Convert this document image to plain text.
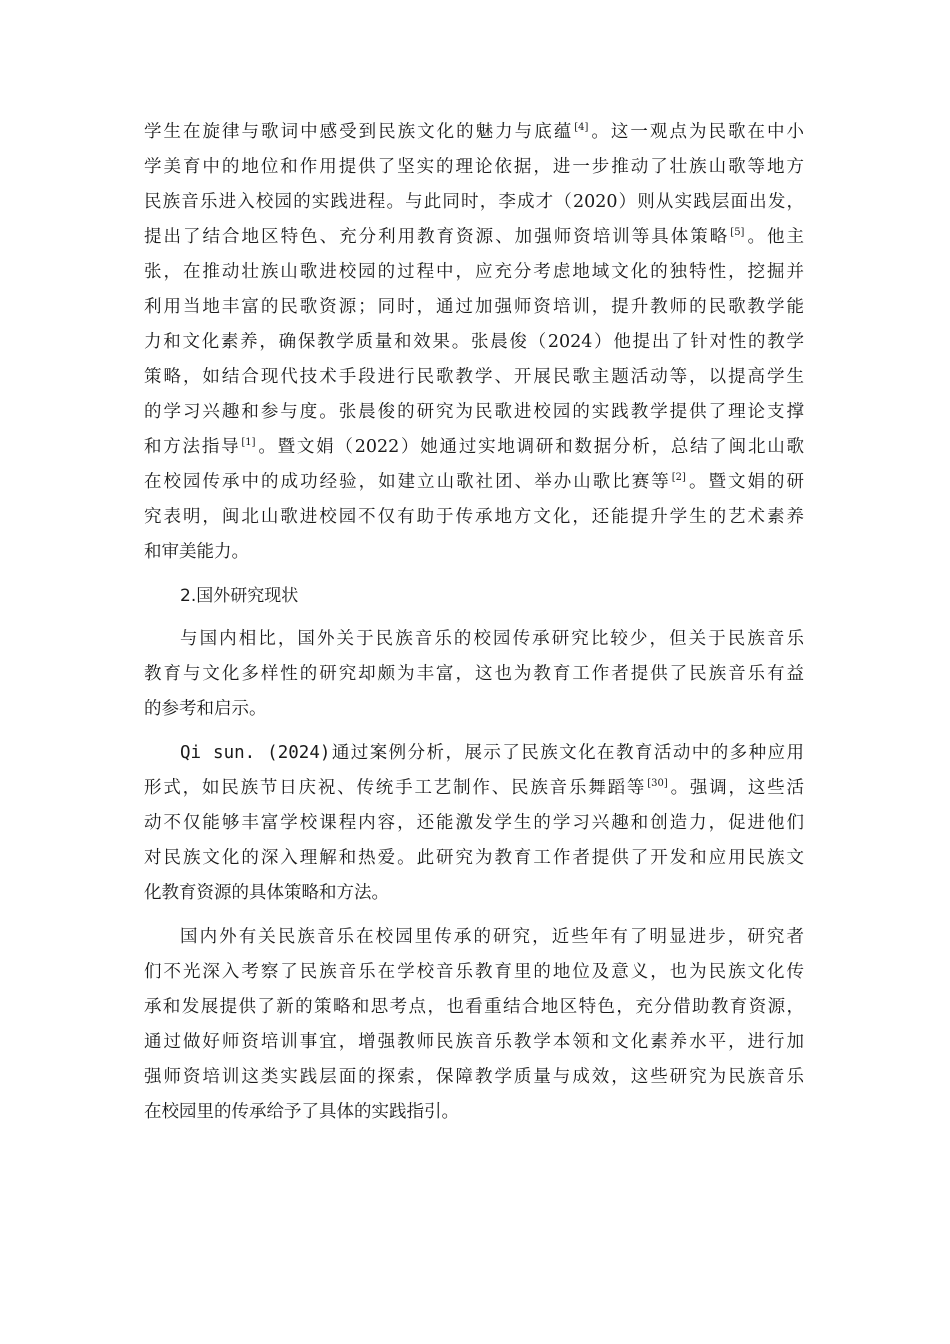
学生在旋律与歌词中感受到民族文化的魅力与底蕴[4]。这一观点为民歌在中小
学美育中的地位和作用提供了坚实的理论依据，进一步推动了壮族山歌等地方
民族音乐进入校园的实践进程。与此同时，李成才（2020）则从实践层面出发，
提出了结合地区特色、充分利用教育资源、加强师资培训等具体策略[5]。他主
张，在推动壮族山歌进校园的过程中，应充分考虑地域文化的独特性，挖掘并
利用当地丰富的民歌资源；同时，通过加强师资培训，提升教师的民歌教学能
力和文化素养，确保教学质量和效果。张晨俊（2024）他提出了针对性的教学
策略，如结合现代技术手段进行民歌教学、开展民歌主题活动等，以提高学生
的学习兴趣和参与度。张晨俊的研究为民歌进校园的实践教学提供了理论支撑
和方法指导[1]。暨文娟（2022）她通过实地调研和数据分析，总结了闽北山歌
在校园传承中的成功经验，如建立山歌社团、举办山歌比赛等[2]。暨文娟的研
究表明，闽北山歌进校园不仅有助于传承地方文化，还能提升学生的艺术素养
和审美能力。
2.国外研究现状
与国内相比，国外关于民族音乐的校园传承研究比较少，但关于民族音乐
教育与文化多样性的研究却颇为丰富，这也为教育工作者提供了民族音乐有益
的参考和启示。
Qi sun. (2024)通过案例分析，展示了民族文化在教育活动中的多种应用
形式，如民族节日庆祝、传统手工艺制作、民族音乐舞蹈等[30]。强调，这些活
动不仅能够丰富学校课程内容，还能激发学生的学习兴趣和创造力，促进他们
对民族文化的深入理解和热爱。此研究为教育工作者提供了开发和应用民族文
化教育资源的具体策略和方法。
国内外有关民族音乐在校园里传承的研究，近些年有了明显进步，研究者
们不光深入考察了民族音乐在学校音乐教育里的地位及意义，也为民族文化传
承和发展提供了新的策略和思考点，也看重结合地区特色，充分借助教育资源，
通过做好师资培训事宜，增强教师民族音乐教学本领和文化素养水平，进行加
强师资培训这类实践层面的探索，保障教学质量与成效，这些研究为民族音乐
在校园里的传承给予了具体的实践指引。
